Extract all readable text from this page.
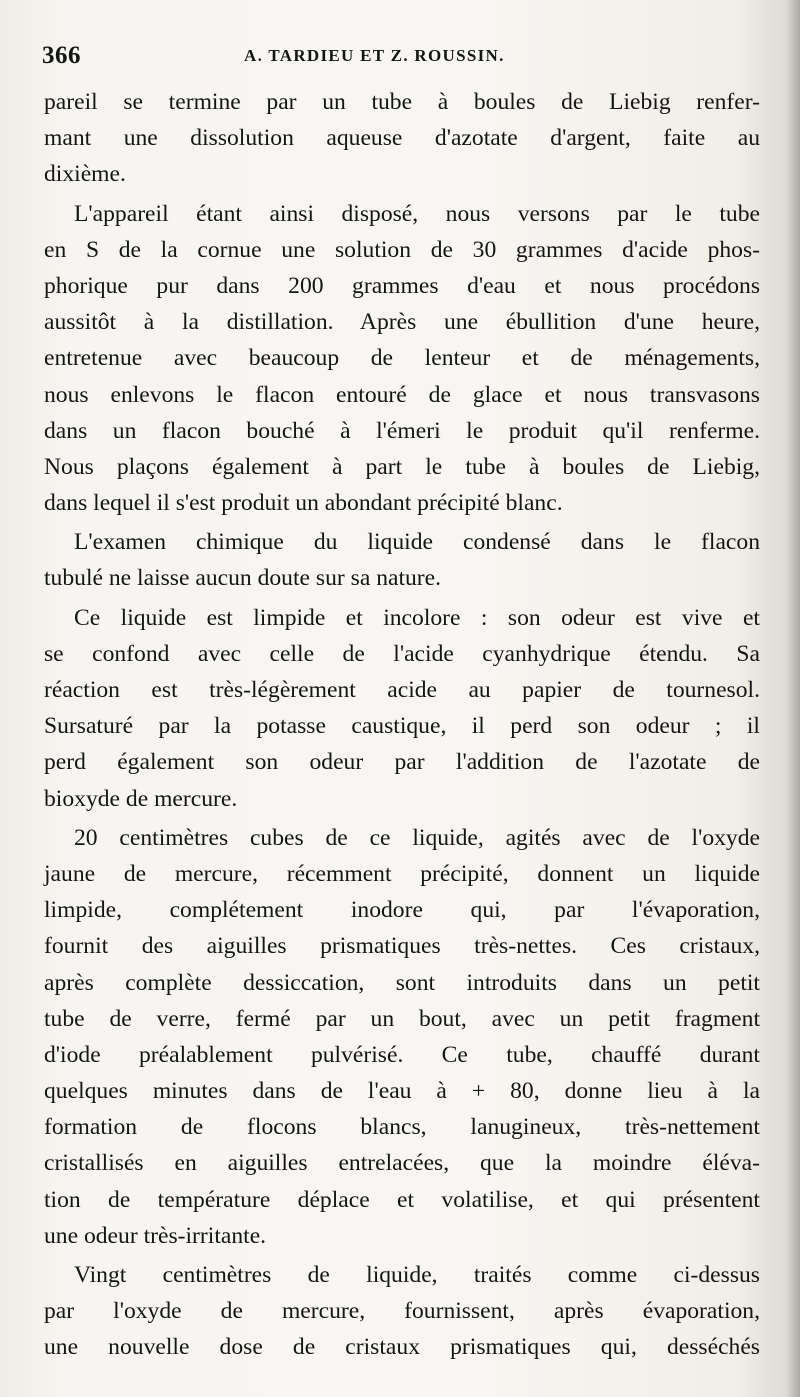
366	A. TARDIEU ET Z. ROUSSIN.
pareil se termine par un tube à boules de Liebig renfer-
mant une dissolution aqueuse d'azotate d'argent, faite au
dixième.
L'appareil étant ainsi disposé, nous versons par le tube
en S de la cornue une solution de 30 grammes d'acide phos-
phorique pur dans 200 grammes d'eau et nous procédons
aussitôt à la distillation. Après une ébullition d'une heure,
entretenue avec beaucoup de lenteur et de ménagements,
nous enlevons le flacon entouré de glace et nous transvasons
dans un flacon bouché à l'émeri le produit qu'il renferme.
Nous plaçons également à part le tube à boules de Liebig,
dans lequel il s'est produit un abondant précipité blanc.
L'examen chimique du liquide condensé dans le flacon
tubulé ne laisse aucun doute sur sa nature.
Ce liquide est limpide et incolore : son odeur est vive et
se confond avec celle de l'acide cyanhydrique étendu. Sa
réaction est très-légèrement acide au papier de tournesol.
Sursaturé par la potasse caustique, il perd son odeur ; il
perd également son odeur par l'addition de l'azotate de
bioxyde de mercure.
20 centimètres cubes de ce liquide, agités avec de l'oxyde
jaune de mercure, récemment précipité, donnent un liquide
limpide, complétement inodore qui, par l'évaporation,
fournit des aiguilles prismatiques très-nettes. Ces cristaux,
après complète dessiccation, sont introduits dans un petit
tube de verre, fermé par un bout, avec un petit fragment
d'iode préalablement pulvérisé. Ce tube, chauffé durant
quelques minutes dans de l'eau à + 80, donne lieu à la
formation de flocons blancs, lanugineux, très-nettement
cristallisés en aiguilles entrelacées, que la moindre éléva-
tion de température déplace et volatilise, et qui présentent
une odeur très-irritante.
Vingt centimètres de liquide, traités comme ci-dessus
par l'oxyde de mercure, fournissent, après évaporation,
une nouvelle dose de cristaux prismatiques qui, desséchés
